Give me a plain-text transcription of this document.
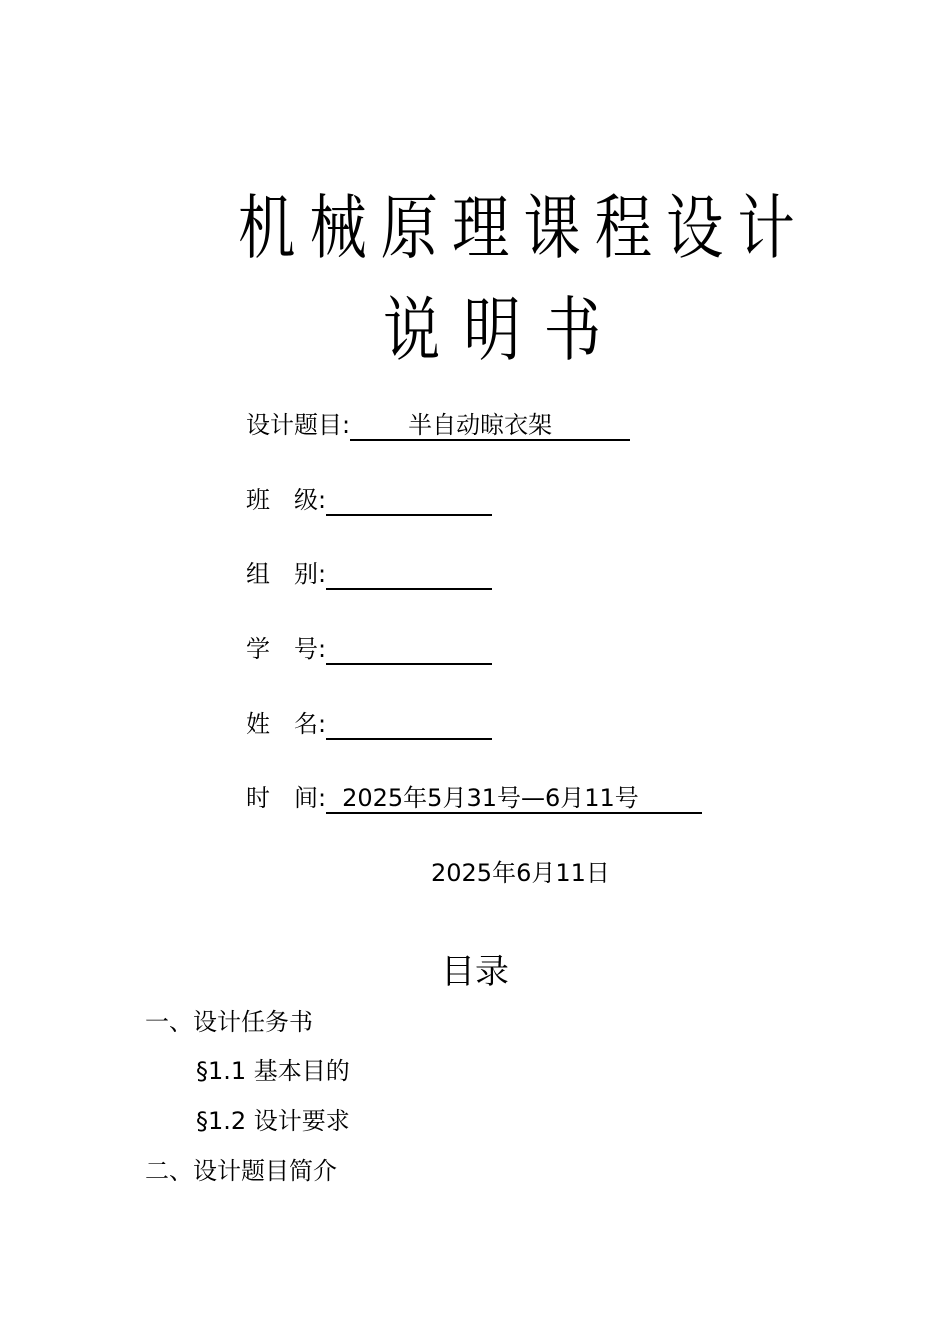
机械原理课程设计
说明书
设计题目: 半自动晾衣架
班 级:
组 别:
学 号:
姓 名:
时 间: 2025年5月31号—6月11号
2025年6月11日
目录
一、设计任务书
§1.1 基本目的
§1.2 设计要求
二、设计题目简介
